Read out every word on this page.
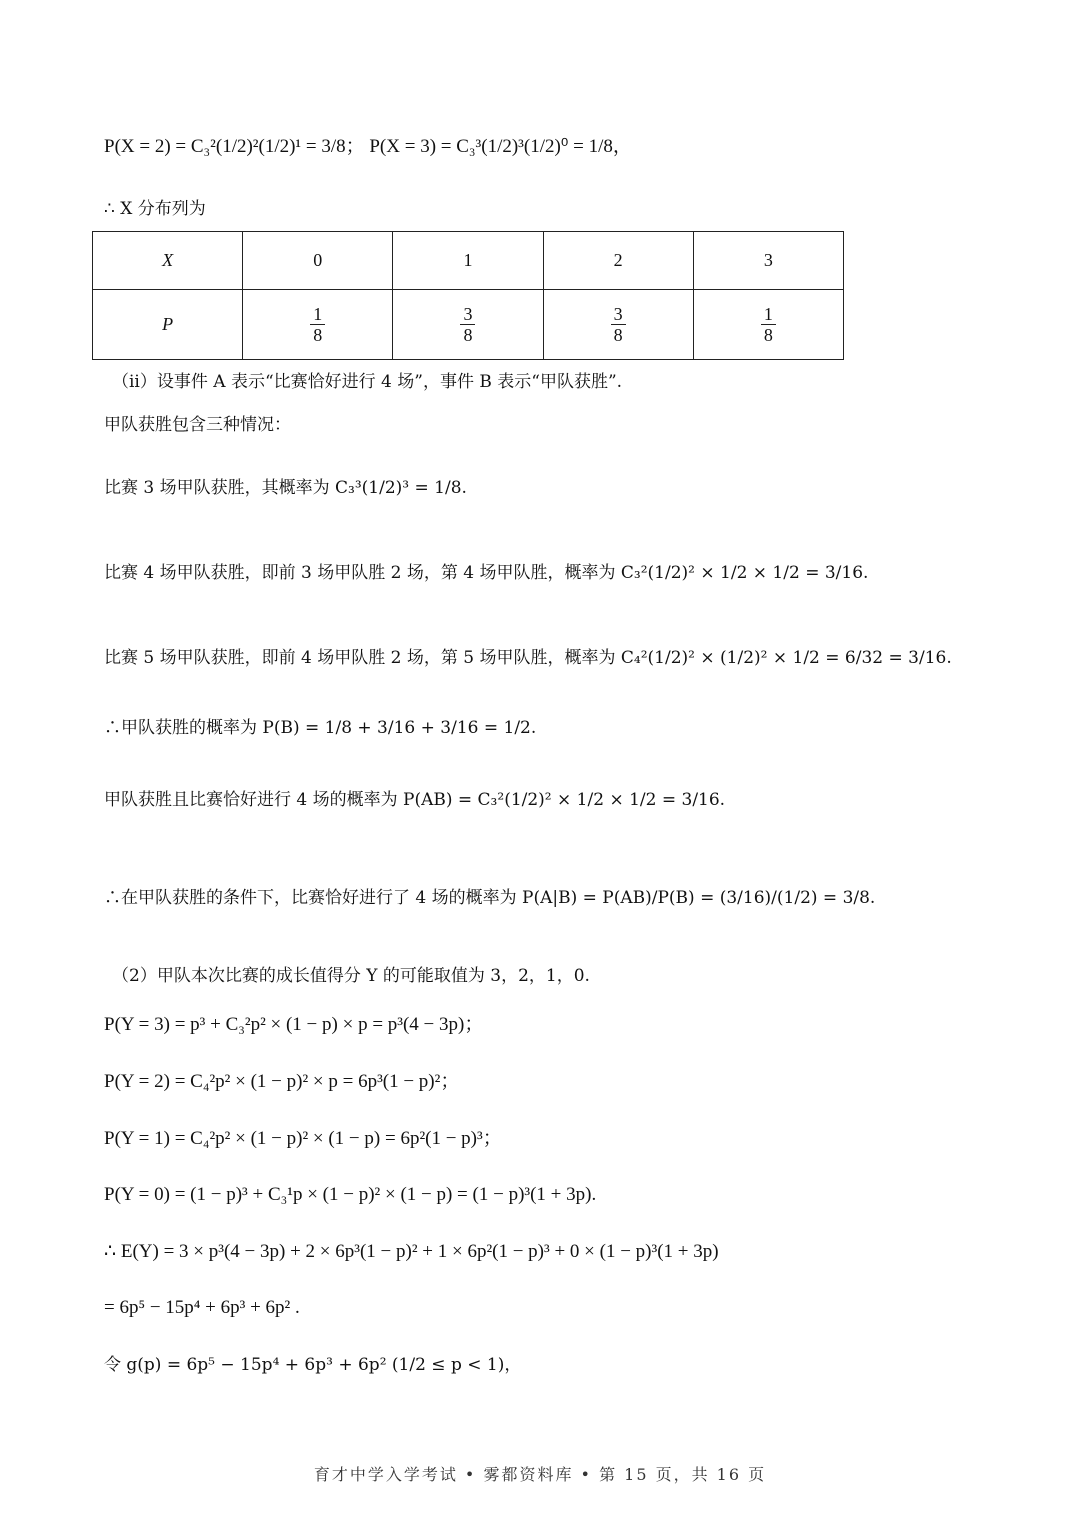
P(X = 2) = C₃²(1/2)²(1/2)¹ = 3/8； P(X = 3) = C₃³(1/2)³(1/2)⁰ = 1/8，
∴ X 分布列为
X	0	1	2	3
P	$\frac{1}{8}$	$\frac{3}{8}$	$\frac{3}{8}$	$\frac{1}{8}$
（ii）设事件 A 表示“比赛恰好进行 4 场”，事件 B 表示“甲队获胜”.
甲队获胜包含三种情况：
比赛 3 场甲队获胜，其概率为 C₃³(1/2)³ = 1/8.
比赛 4 场甲队获胜，即前 3 场甲队胜 2 场，第 4 场甲队胜，概率为 C₃²(1/2)² × 1/2 × 1/2 = 3/16.
比赛 5 场甲队获胜，即前 4 场甲队胜 2 场，第 5 场甲队胜，概率为 C₄²(1/2)² × (1/2)² × 1/2 = 6/32 = 3/16.
∴甲队获胜的概率为 P(B) = 1/8 + 3/16 + 3/16 = 1/2.
甲队获胜且比赛恰好进行 4 场的概率为 P(AB) = C₃²(1/2)² × 1/2 × 1/2 = 3/16.
∴在甲队获胜的条件下，比赛恰好进行了 4 场的概率为 P(A|B) = P(AB)/P(B) = (3/16)/(1/2) = 3/8.
（2）甲队本次比赛的成长值得分 Y 的可能取值为 3，2，1，0.
P(Y = 3) = p³ + C₃²p² × (1 − p) × p = p³(4 − 3p)；
P(Y = 2) = C₄²p² × (1 − p)² × p = 6p³(1 − p)²；
P(Y = 1) = C₄²p² × (1 − p)² × (1 − p) = 6p²(1 − p)³；
P(Y = 0) = (1 − p)³ + C₃¹p × (1 − p)² × (1 − p) = (1 − p)³(1 + 3p).
∴ E(Y) = 3 × p³(4 − 3p) + 2 × 6p³(1 − p)² + 1 × 6p²(1 − p)³ + 0 × (1 − p)³(1 + 3p)
= 6p⁵ − 15p⁴ + 6p³ + 6p² .
令 g(p) = 6p⁵ − 15p⁴ + 6p³ + 6p² (1/2 ≤ p < 1)，
育才中学入学考试 • 雾都资料库 • 第 15 页，共 16 页
